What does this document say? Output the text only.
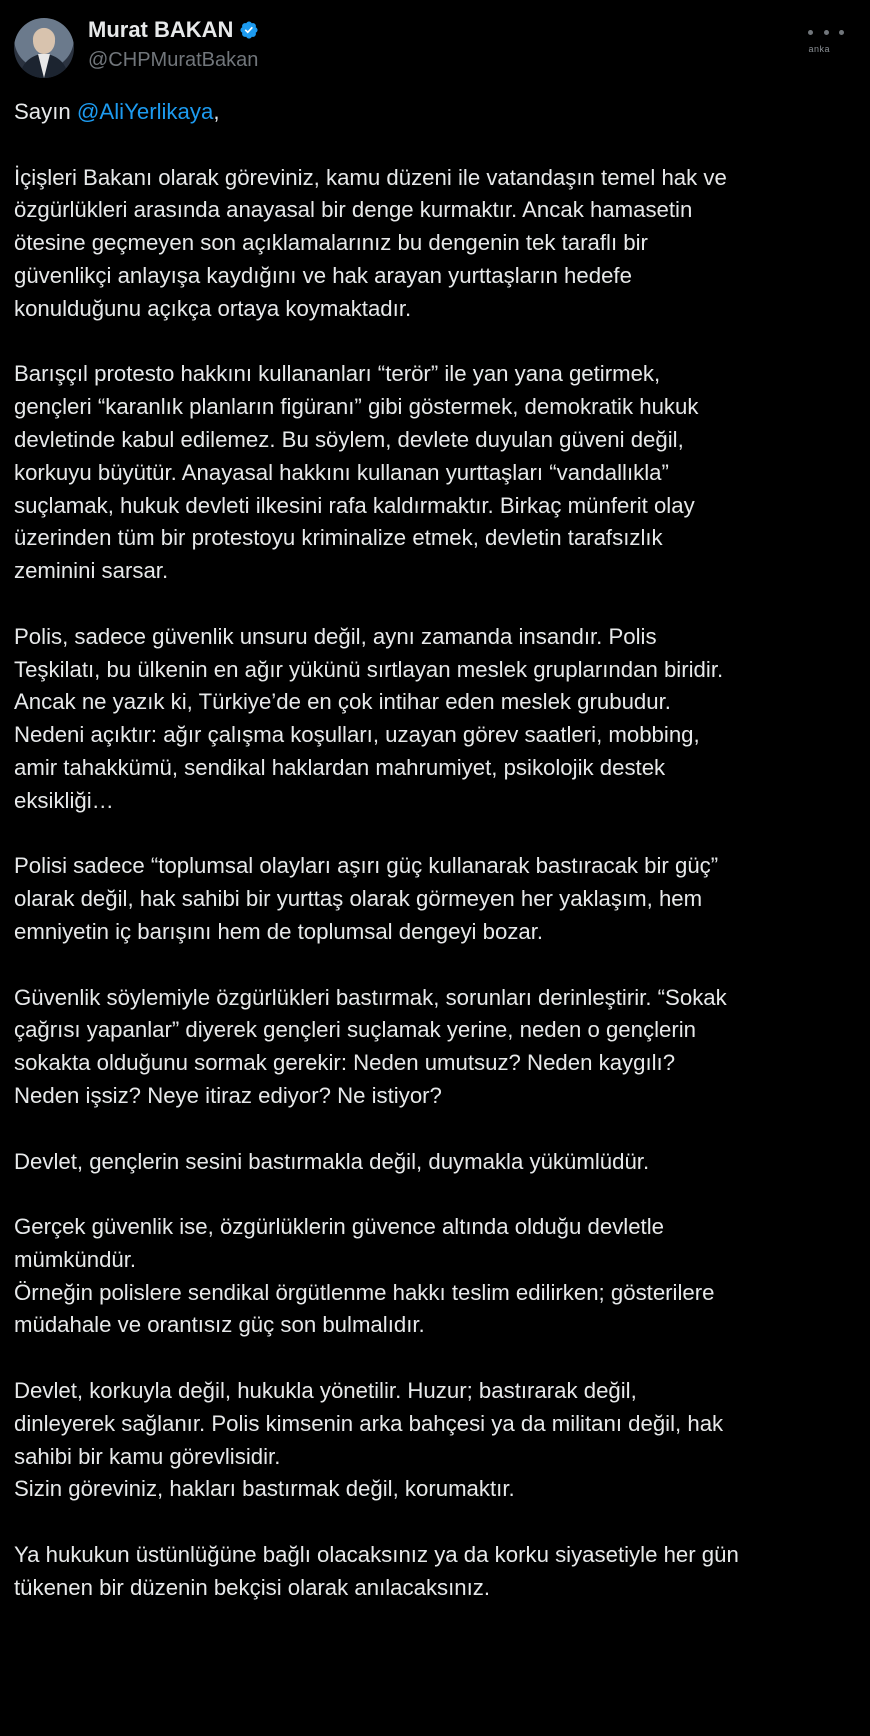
Murat BAKAN
@CHPMuratBakan	anka

Sayın @AliYerlikaya,

İçişleri Bakanı olarak göreviniz, kamu düzeni ile vatandaşın temel hak ve
özgürlükleri arasında anayasal bir denge kurmaktır. Ancak hamasetin
ötesine geçmeyen son açıklamalarınız bu dengenin tek taraflı bir
güvenlikçi anlayışa kaydığını ve hak arayan yurttaşların hedefe
konulduğunu açıkça ortaya koymaktadır.

Barışçıl protesto hakkını kullananları “terör” ile yan yana getirmek,
gençleri “karanlık planların figüranı” gibi göstermek, demokratik hukuk
devletinde kabul edilemez. Bu söylem, devlete duyulan güveni değil,
korkuyu büyütür. Anayasal hakkını kullanan yurttaşları “vandallıkla”
suçlamak, hukuk devleti ilkesini rafa kaldırmaktır. Birkaç münferit olay
üzerinden tüm bir protestoyu kriminalize etmek, devletin tarafsızlık
zeminini sarsar.

Polis, sadece güvenlik unsuru değil, aynı zamanda insandır. Polis
Teşkilatı, bu ülkenin en ağır yükünü sırtlayan meslek gruplarından biridir.
Ancak ne yazık ki, Türkiye’de en çok intihar eden meslek grubudur.
Nedeni açıktır: ağır çalışma koşulları, uzayan görev saatleri, mobbing,
amir tahakkümü, sendikal haklardan mahrumiyet, psikolojik destek
eksikliği…

Polisi sadece “toplumsal olayları aşırı güç kullanarak bastıracak bir güç”
olarak değil, hak sahibi bir yurttaş olarak görmeyen her yaklaşım, hem
emniyetin iç barışını hem de toplumsal dengeyi bozar.

Güvenlik söylemiyle özgürlükleri bastırmak, sorunları derinleştirir. “Sokak
çağrısı yapanlar” diyerek gençleri suçlamak yerine, neden o gençlerin
sokakta olduğunu sormak gerekir: Neden umutsuz? Neden kaygılı?
Neden işsiz? Neye itiraz ediyor? Ne istiyor?

Devlet, gençlerin sesini bastırmakla değil, duymakla yükümlüdür.

Gerçek güvenlik ise, özgürlüklerin güvence altında olduğu devletle
mümkündür.
Örneğin polislere sendikal örgütlenme hakkı teslim edilirken; gösterilere
müdahale ve orantısız güç son bulmalıdır.

Devlet, korkuyla değil, hukukla yönetilir. Huzur; bastırarak değil,
dinleyerek sağlanır. Polis kimsenin arka bahçesi ya da militanı değil, hak
sahibi bir kamu görevlisidir.
Sizin göreviniz, hakları bastırmak değil, korumaktır.

Ya hukukun üstünlüğüne bağlı olacaksınız ya da korku siyasetiyle her gün
tükenen bir düzenin bekçisi olarak anılacaksınız.
